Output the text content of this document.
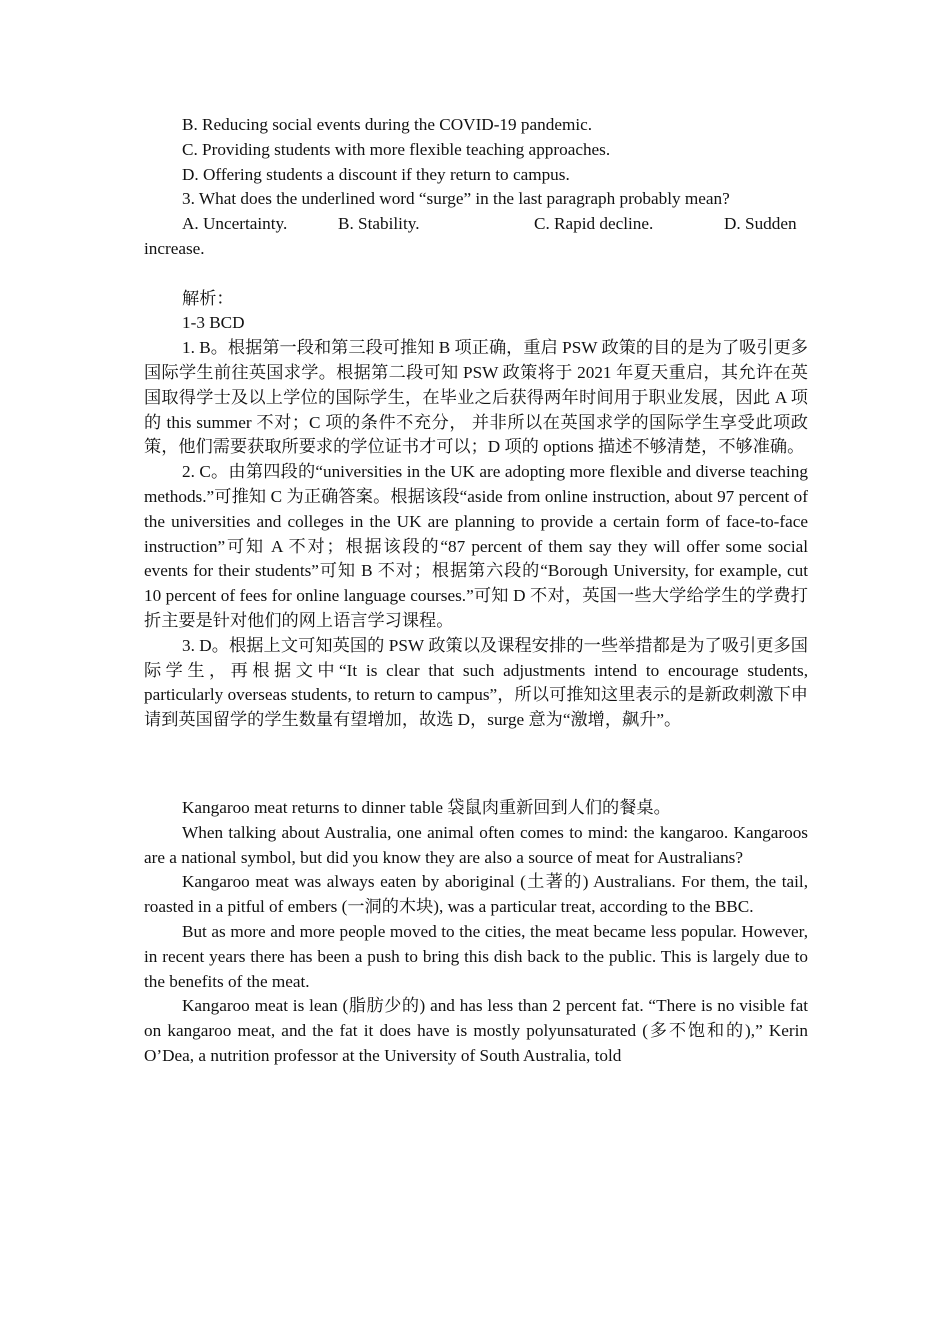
B. Reducing social events during the COVID-19 pandemic.

C. Providing students with more flexible teaching approaches.

D. Offering students a discount if they return to campus.

3. What does the underlined word “surge” in the last paragraph probably mean?

A. Uncertainty.	B. Stability.	C. Rapid decline.	D. Sudden

increase.

解析：

1-3 BCD

1. B。根据第一段和第三段可推知 B 项正确，重启 PSW 政策的目的是为了吸引更多国际学生前往英国求学。根据第二段可知 PSW 政策将于 2021 年夏天重启，其允许在英国取得学士及以上学位的国际学生，在毕业之后获得两年时间用于职业发展，因此 A 项的 this summer 不对；C 项的条件不充分， 并非所以在英国求学的国际学生享受此项政策，他们需要获取所要求的学位证书才可以；D 项的 options 描述不够清楚，不够准确。

2. C。由第四段的“universities in the UK are adopting more flexible and diverse teaching methods.”可推知 C 为正确答案。根据该段“aside from online instruction, about 97 percent of the universities and colleges in the UK are planning to provide a certain form of face-to-face instruction”可知 A 不对；根据该段的“87 percent of them say they will offer some social events for their students”可知 B 不对；根据第六段的“Borough University, for example, cut 10 percent of fees for online language courses.”可知 D 不对，英国一些大学给学生的学费打折主要是针对他们的网上语言学习课程。

3. D。根据上文可知英国的 PSW 政策以及课程安排的一些举措都是为了吸引更多国际学生，再根据文中“It is clear that such adjustments intend to encourage students, particularly overseas students, to return to campus”，所以可推知这里表示的是新政刺激下申请到英国留学的学生数量有望增加，故选 D，surge 意为“激增，飙升”。

Kangaroo meat returns to dinner table 袋鼠肉重新回到人们的餐桌。

When talking about Australia, one animal often comes to mind: the kangaroo. Kangaroos are a national symbol, but did you know they are also a source of meat for Australians?

Kangaroo meat was always eaten by aboriginal (土著的) Australians. For them, the tail, roasted in a pitful of embers (一洞的木块), was a particular treat, according to the BBC.

But as more and more people moved to the cities, the meat became less popular. However, in recent years there has been a push to bring this dish back to the public. This is largely due to the benefits of the meat.

Kangaroo meat is lean (脂肪少的) and has less than 2 percent fat. “There is no visible fat on kangaroo meat, and the fat it does have is mostly polyunsaturated (多不饱和的),” Kerin O’Dea, a nutrition professor at the University of South Australia, told
